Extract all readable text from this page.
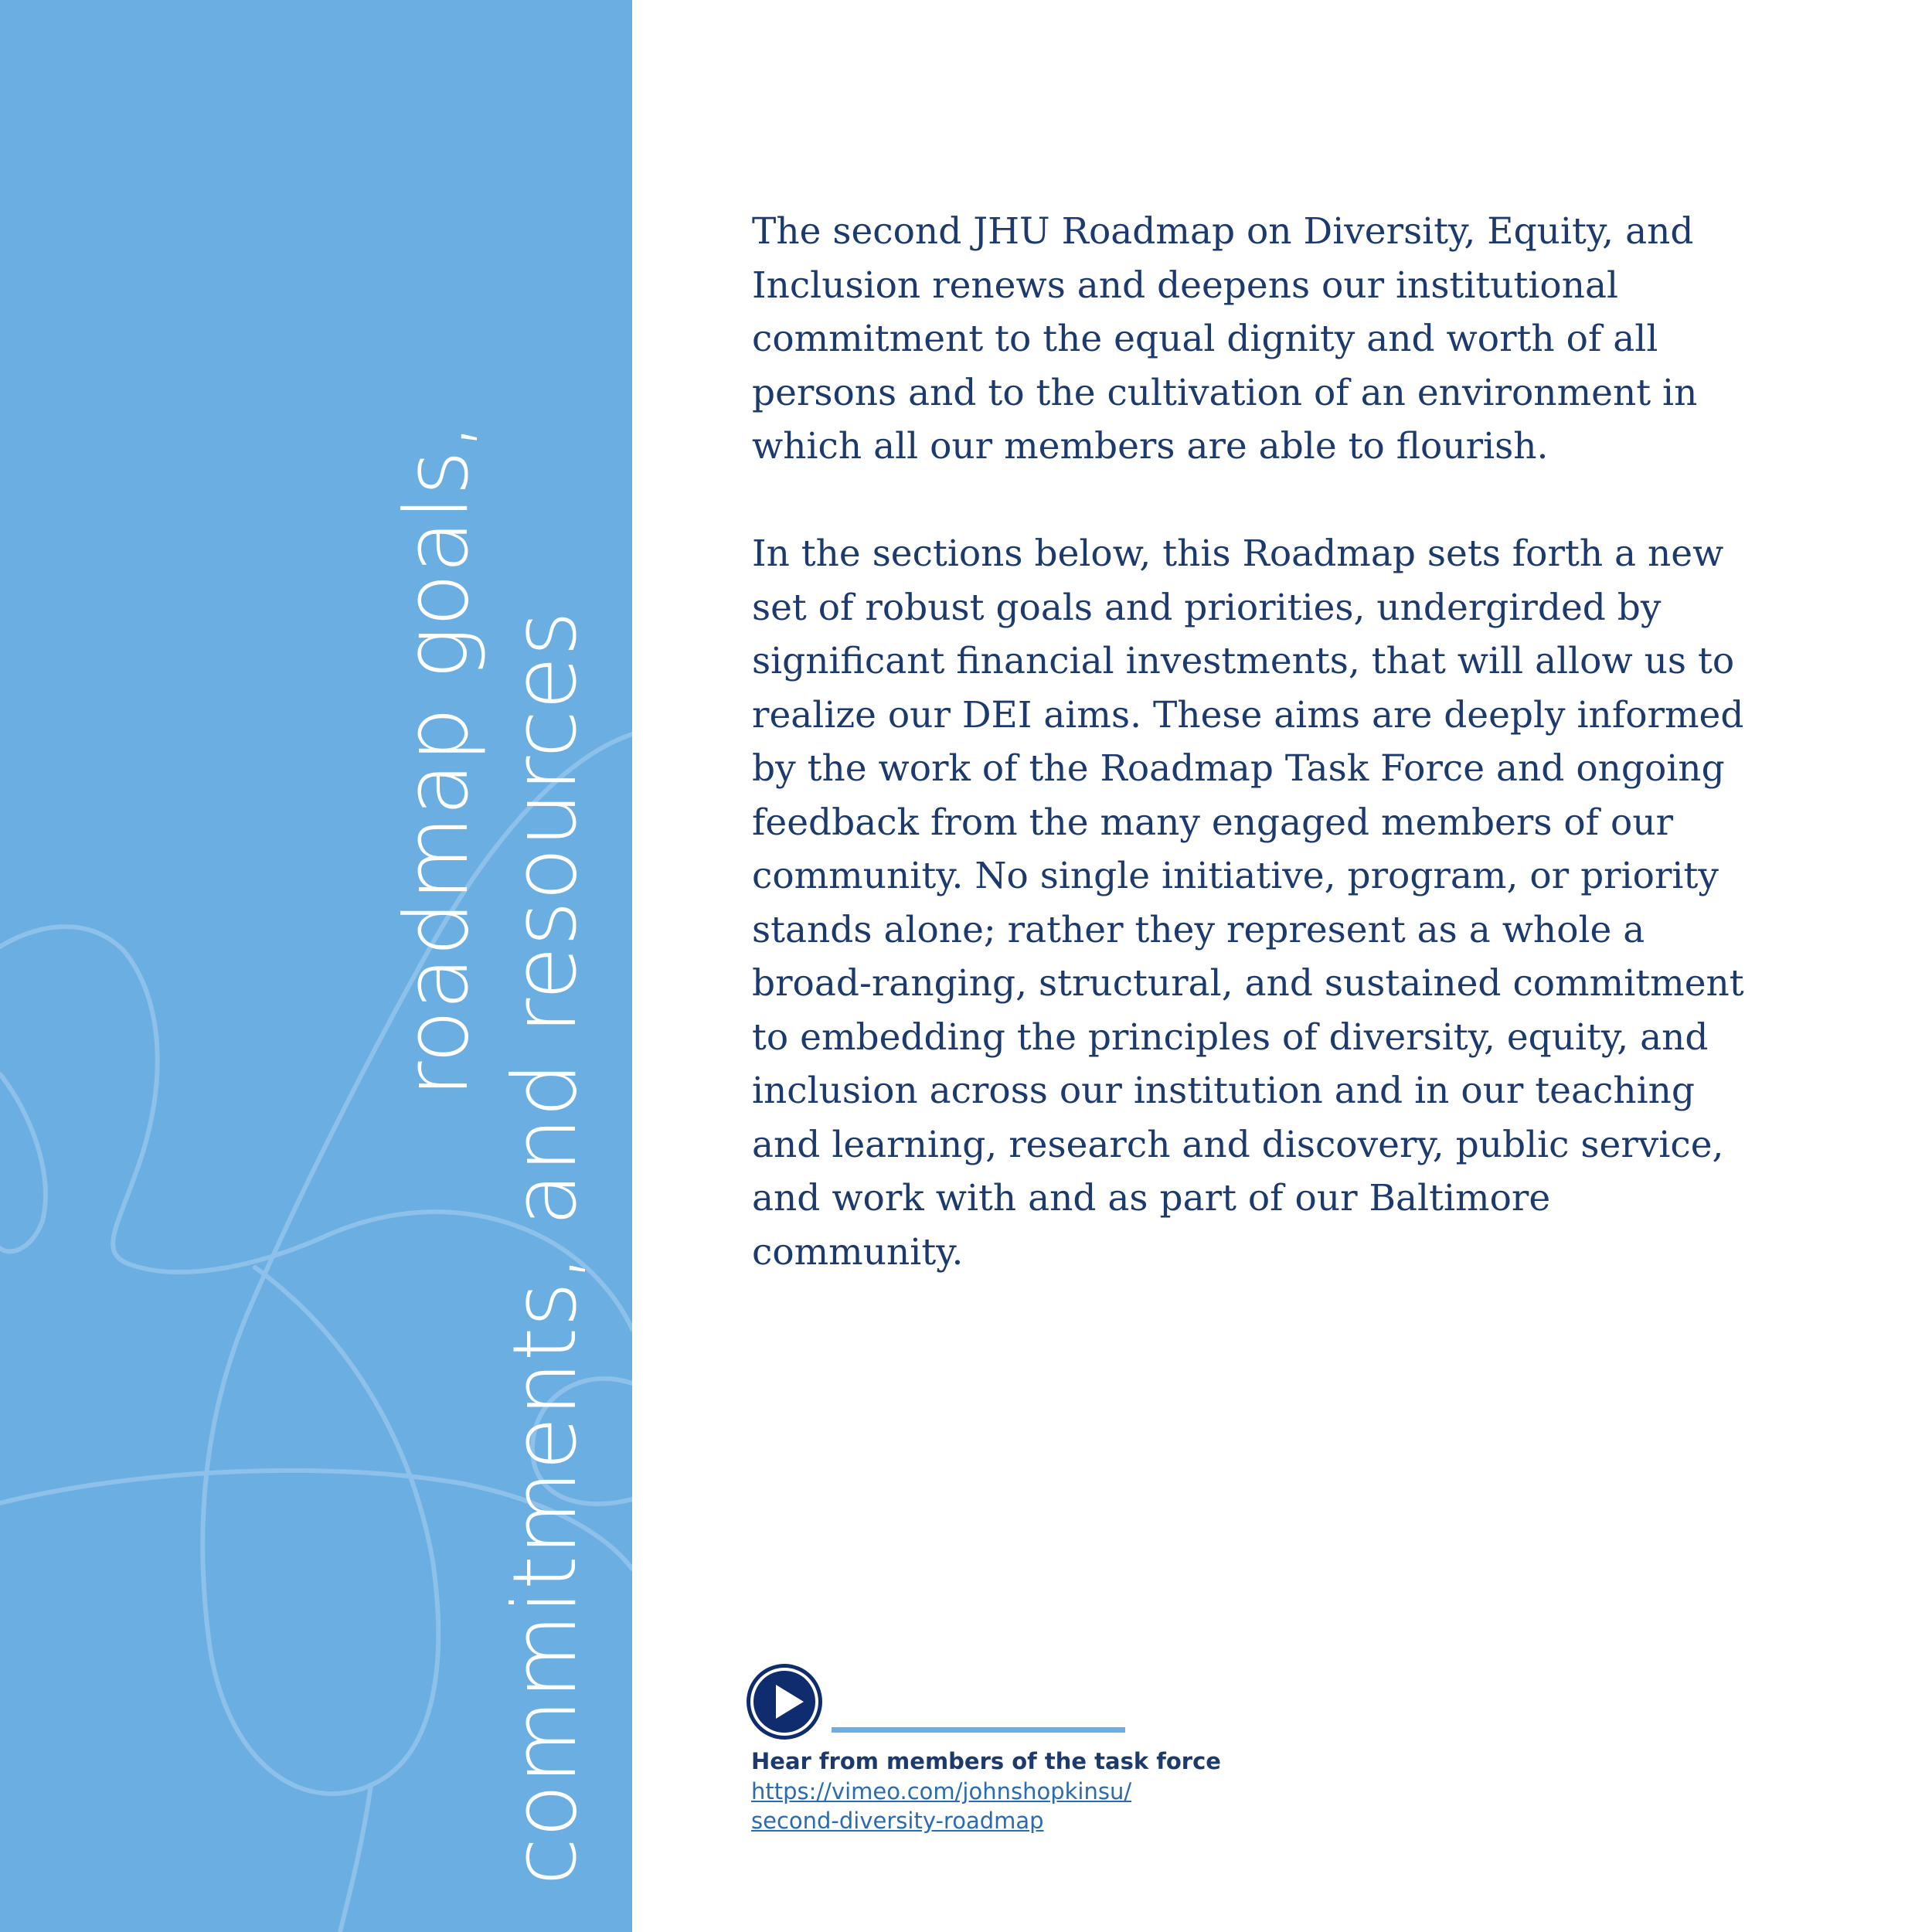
roadmap goals, commitments, and resources

The second JHU Roadmap on Diversity, Equity, and Inclusion renews and deepens our institutional commitment to the equal dignity and worth of all persons and to the cultivation of an environment in which all our members are able to flourish.

In the sections below, this Roadmap sets forth a new set of robust goals and priorities, undergirded by significant financial investments, that will allow us to realize our DEI aims. These aims are deeply informed by the work of the Roadmap Task Force and ongoing feedback from the many engaged members of our community. No single initiative, program, or priority stands alone; rather they represent as a whole a broad-ranging, structural, and sustained commitment to embedding the principles of diversity, equity, and inclusion across our institution and in our teaching and learning, research and discovery, public service, and work with and as part of our Baltimore community.

Hear from members of the task force
https://vimeo.com/johnshopkinsu/
second-diversity-roadmap
